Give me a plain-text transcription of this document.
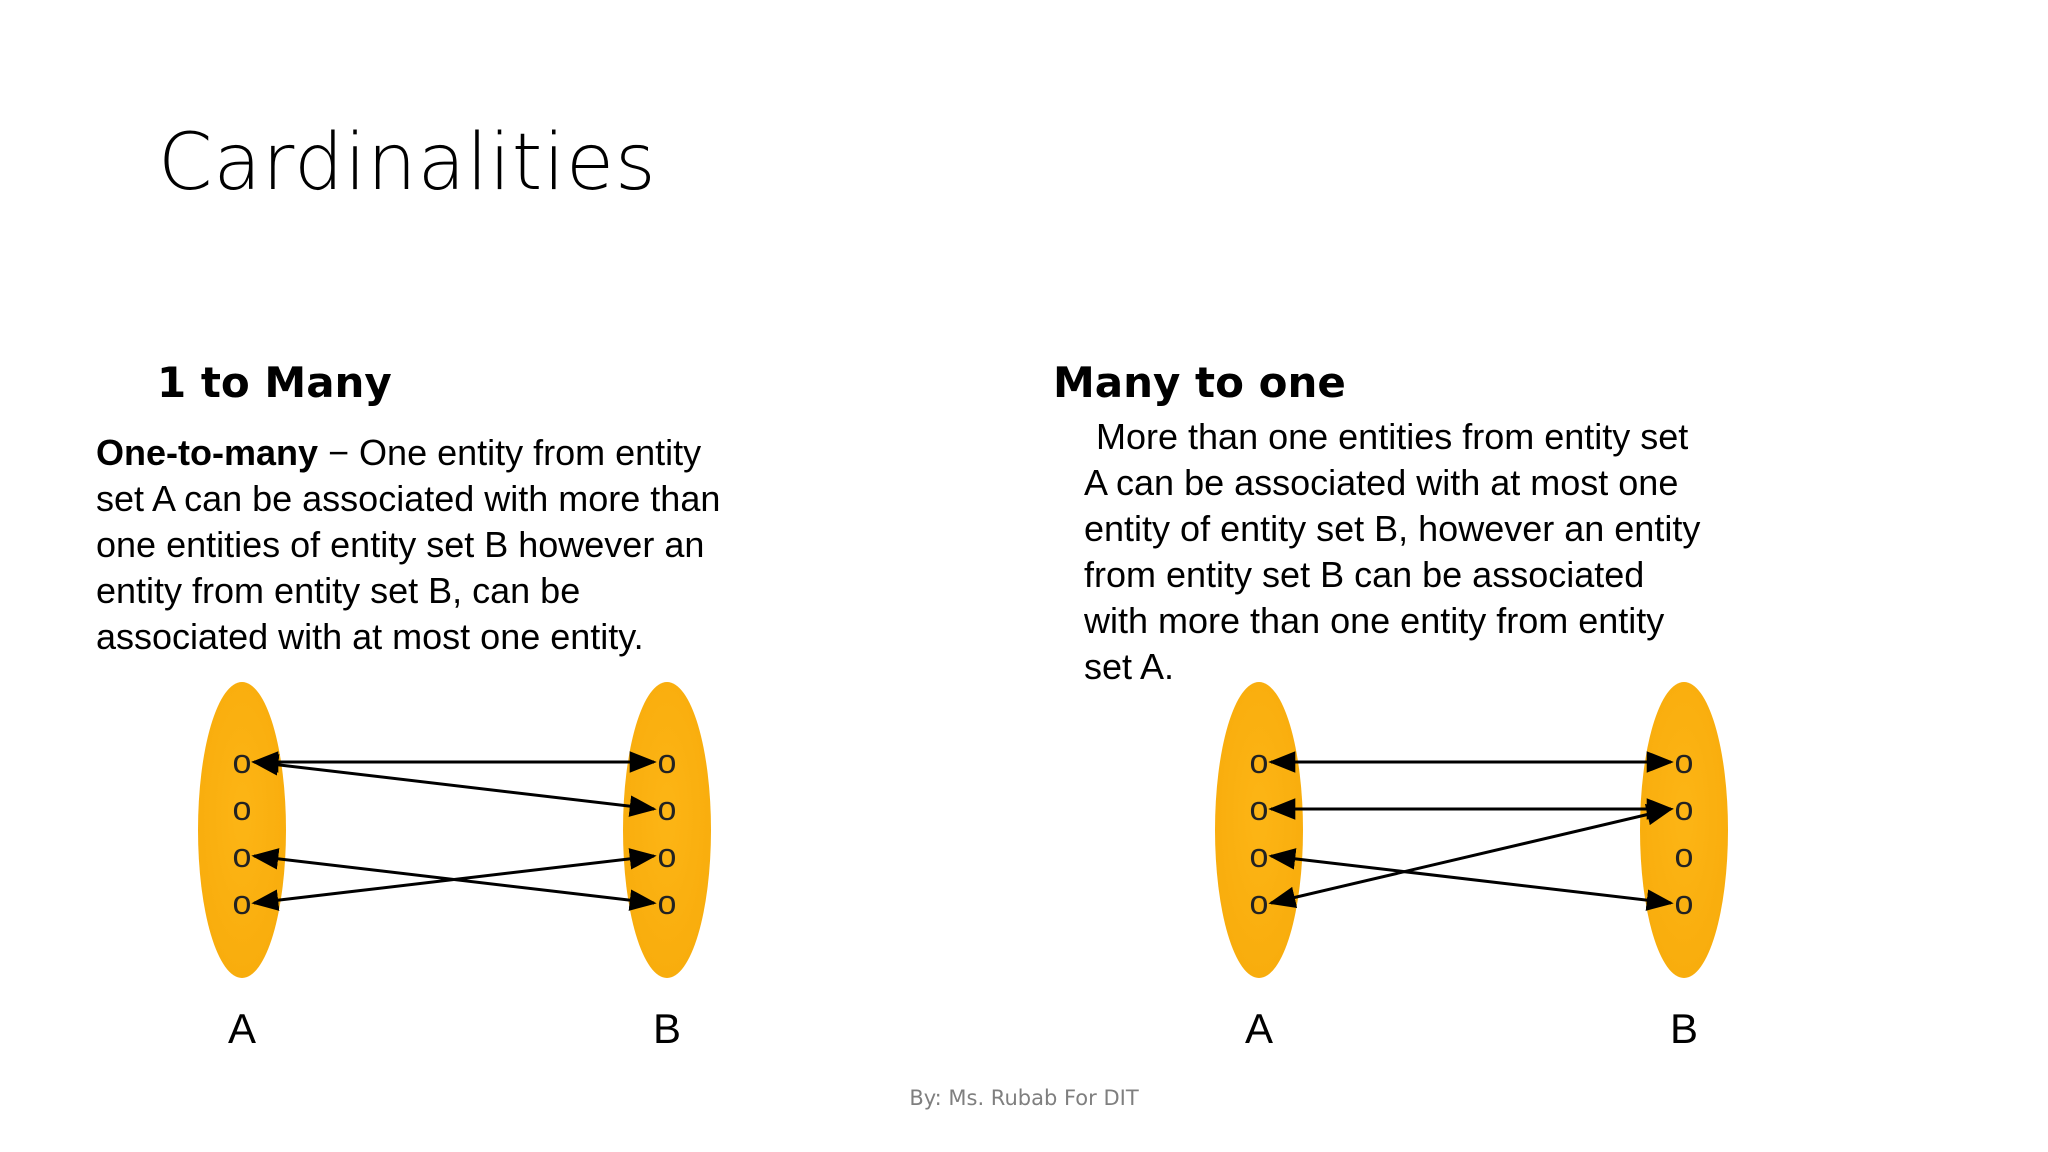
Cardinalities
1 to Many

One-to-many − One entity from entity set A can be associated with more than one entities of entity set B however an entity from entity set B, can be associated with at most one entity.

Many to one

More than one entities from entity set A can be associated with at most one entity of entity set B, however an entity from entity set B can be associated with more than one entity from entity set A.

o
o
o
o
o
o
o
o
A	B
o
o
o
o
o
o
o
o
A	B
By: Ms. Rubab For DIT
